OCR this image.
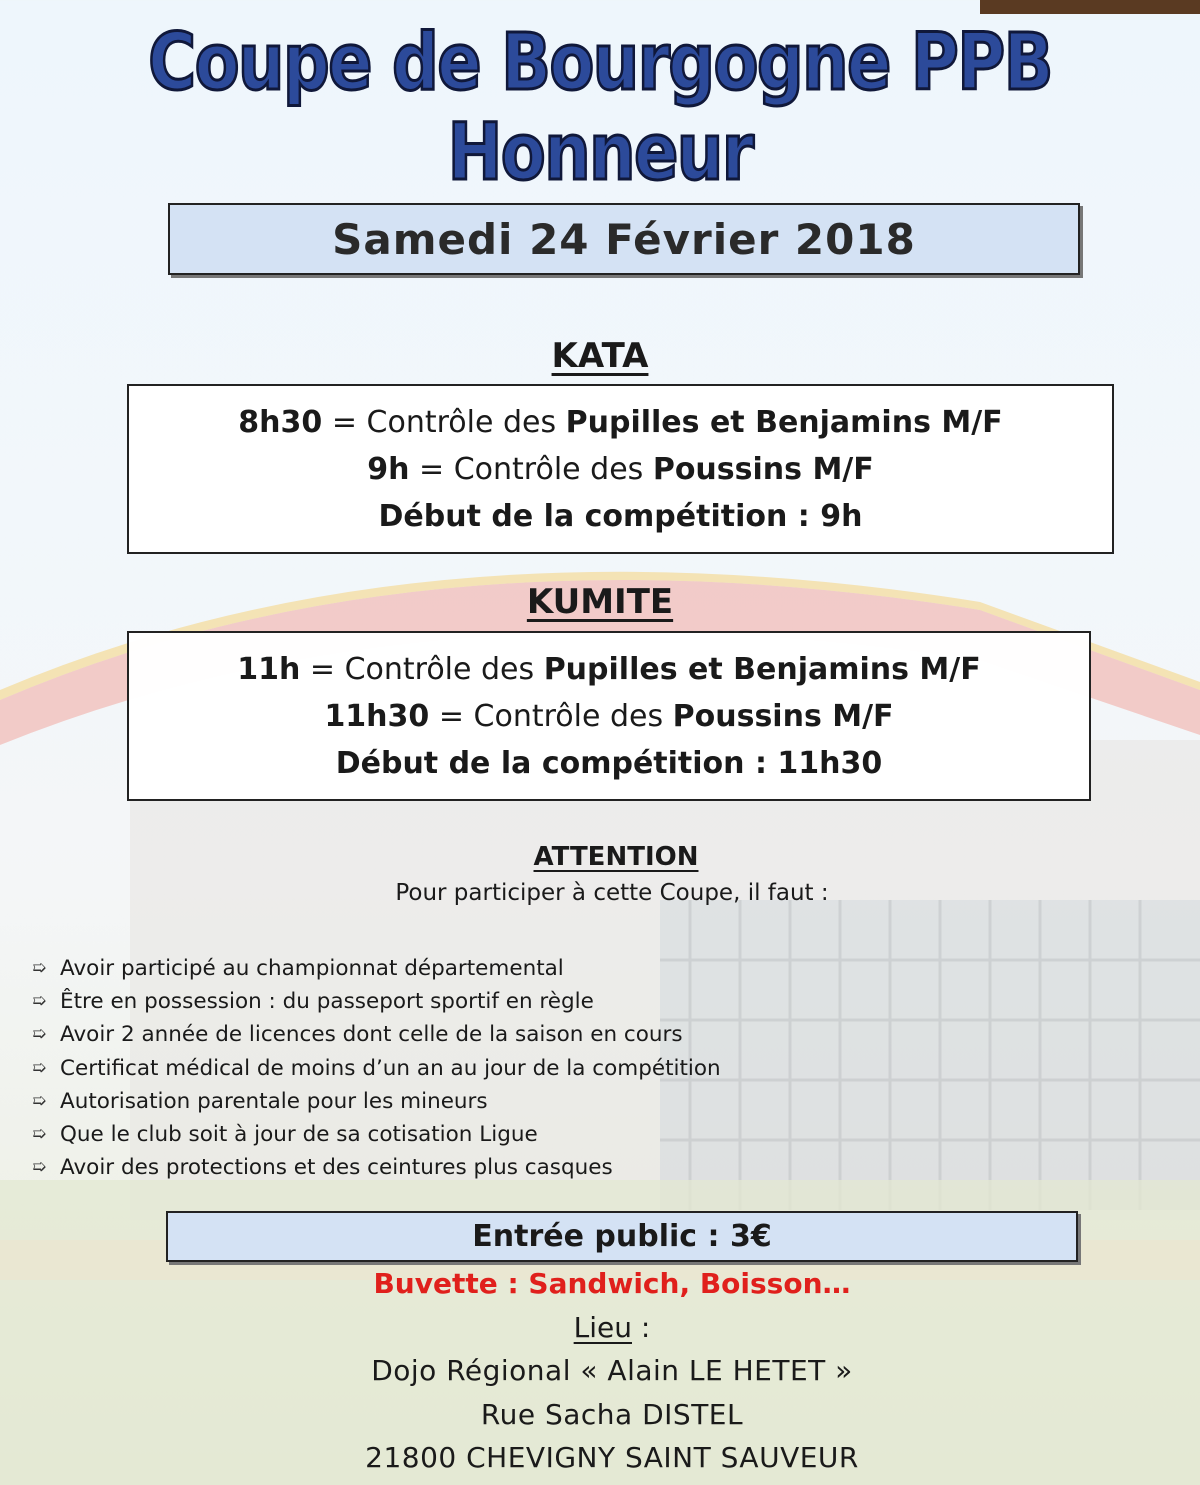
Coupe de Bourgogne PPB Honneur
Samedi 24 Février 2018
KATA
8h30 = Contrôle des Pupilles et Benjamins M/F
9h = Contrôle des Poussins M/F
Début de la compétition : 9h
KUMITE
11h = Contrôle des Pupilles et Benjamins M/F
11h30 = Contrôle des Poussins M/F
Début de la compétition : 11h30
ATTENTION
Pour participer à cette Coupe, il faut :
➯ Avoir participé au championnat départemental
➯ Être en possession : du passeport sportif en règle
➯ Avoir 2 année de licences dont celle de la saison en cours
➯ Certificat médical de moins d’un an au jour de la compétition
➯ Autorisation parentale pour les mineurs
➯ Que le club soit à jour de sa cotisation Ligue
➯ Avoir des protections et des ceintures plus casques
Entrée public : 3€
Buvette : Sandwich, Boisson…
Lieu :
Dojo Régional « Alain LE HETET »
Rue Sacha DISTEL
21800 CHEVIGNY SAINT SAUVEUR
